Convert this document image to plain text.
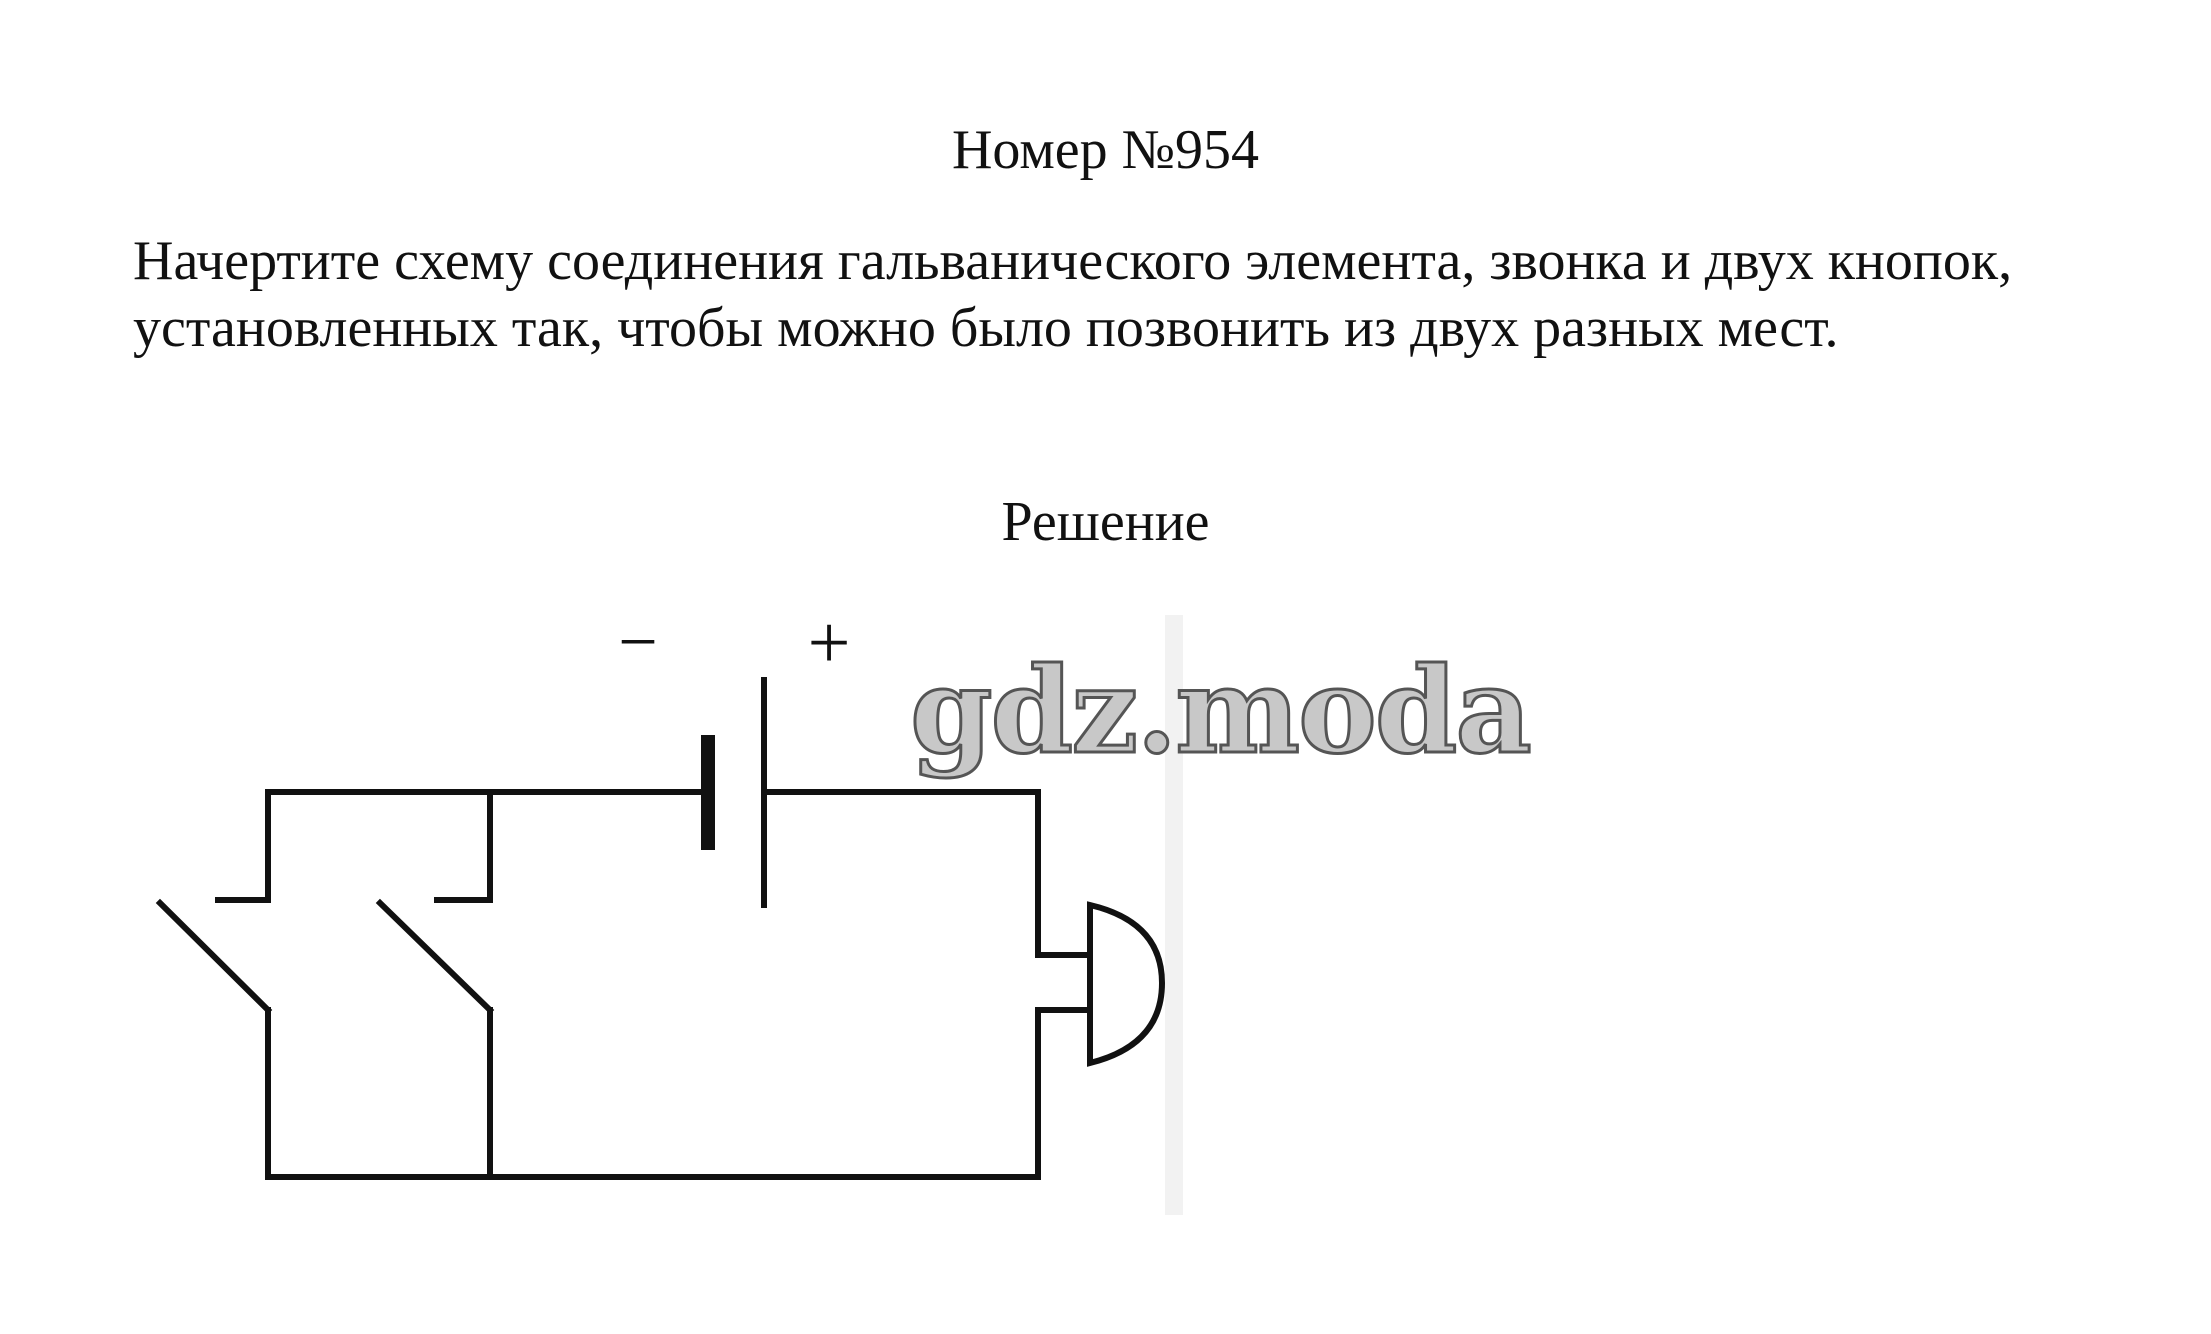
Номер №954

Начертите схему соединения гальванического элемента, звонка и двух кнопок, установленных так, чтобы можно было позвонить из двух разных мест.

Решение
− + gdz.moda
